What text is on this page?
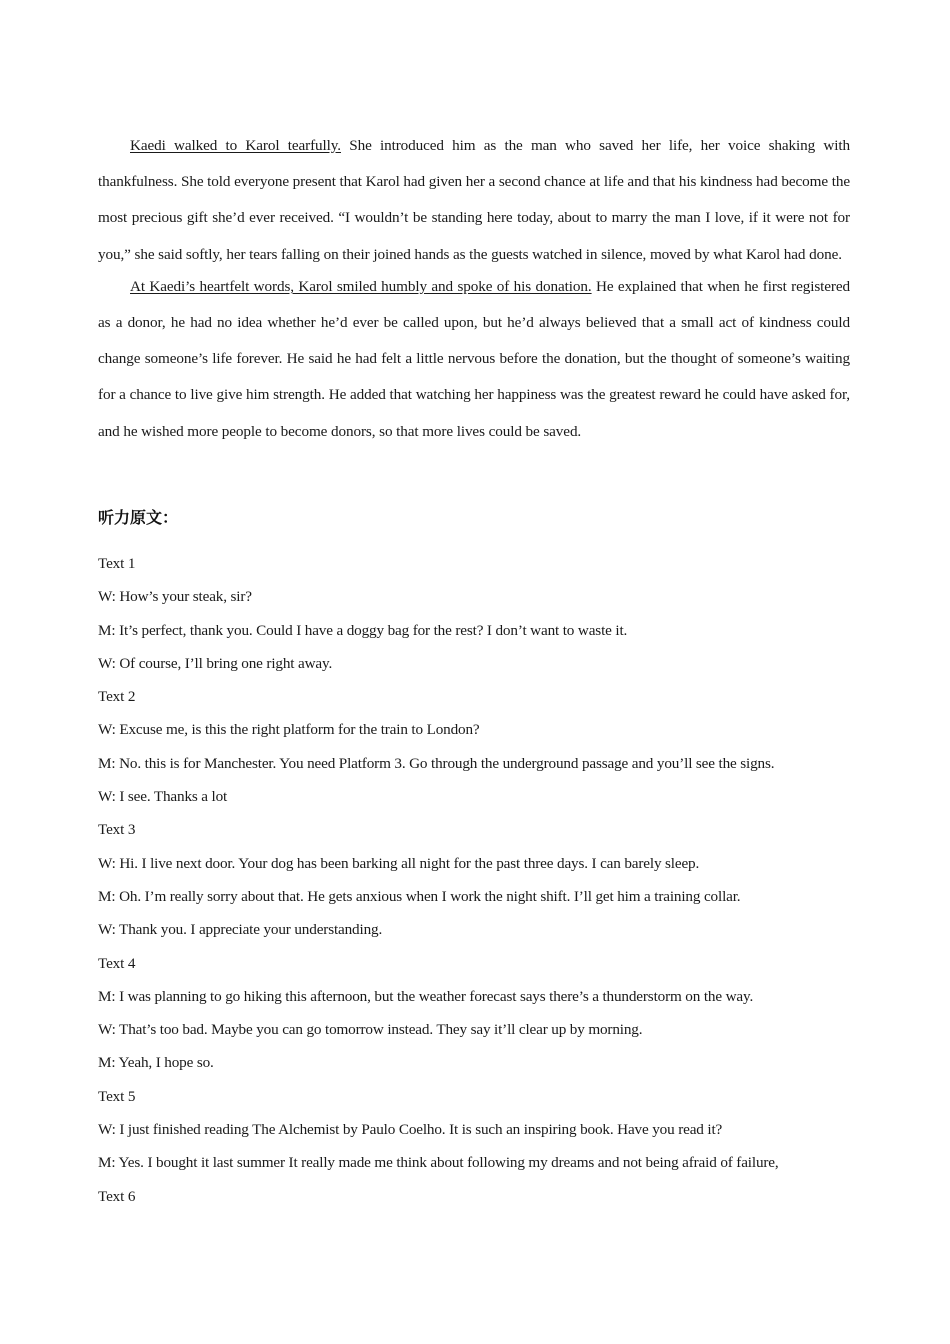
Kaedi walked to Karol tearfully. She introduced him as the man who saved her life, her voice shaking with thankfulness. She told everyone present that Karol had given her a second chance at life and that his kindness had become the most precious gift she’d ever received. “I wouldn’t be standing here today, about to marry the man I love, if it were not for you,” she said softly, her tears falling on their joined hands as the guests watched in silence, moved by what Karol had done.

At Kaedi’s heartfelt words, Karol smiled humbly and spoke of his donation. He explained that when he first registered as a donor, he had no idea whether he’d ever be called upon, but he’d always believed that a small act of kindness could change someone’s life forever. He said he had felt a little nervous before the donation, but the thought of someone’s waiting for a chance to live give him strength. He added that watching her happiness was the greatest reward he could have asked for, and he wished more people to become donors, so that more lives could be saved.

听力原文：
Text 1
W: How’s your steak, sir?
M: It’s perfect, thank you. Could I have a doggy bag for the rest? I don’t want to waste it.
W: Of course, I’ll bring one right away.
Text 2
W: Excuse me, is this the right platform for the train to London?
M: No. this is for Manchester. You need Platform 3. Go through the underground passage and you’ll see the signs.
W: I see. Thanks a lot
Text 3
W: Hi. I live next door. Your dog has been barking all night for the past three days. I can barely sleep.
M: Oh. I’m really sorry about that. He gets anxious when I work the night shift. I’ll get him a training collar.
W: Thank you. I appreciate your understanding.
Text 4
M: I was planning to go hiking this afternoon, but the weather forecast says there’s a thunderstorm on the way.
W: That’s too bad. Maybe you can go tomorrow instead. They say it’ll clear up by morning.
M: Yeah, I hope so.
Text 5
W: I just finished reading The Alchemist by Paulo Coelho. It is such an inspiring book. Have you read it?
M: Yes. I bought it last summer It really made me think about following my dreams and not being afraid of failure,
Text 6
